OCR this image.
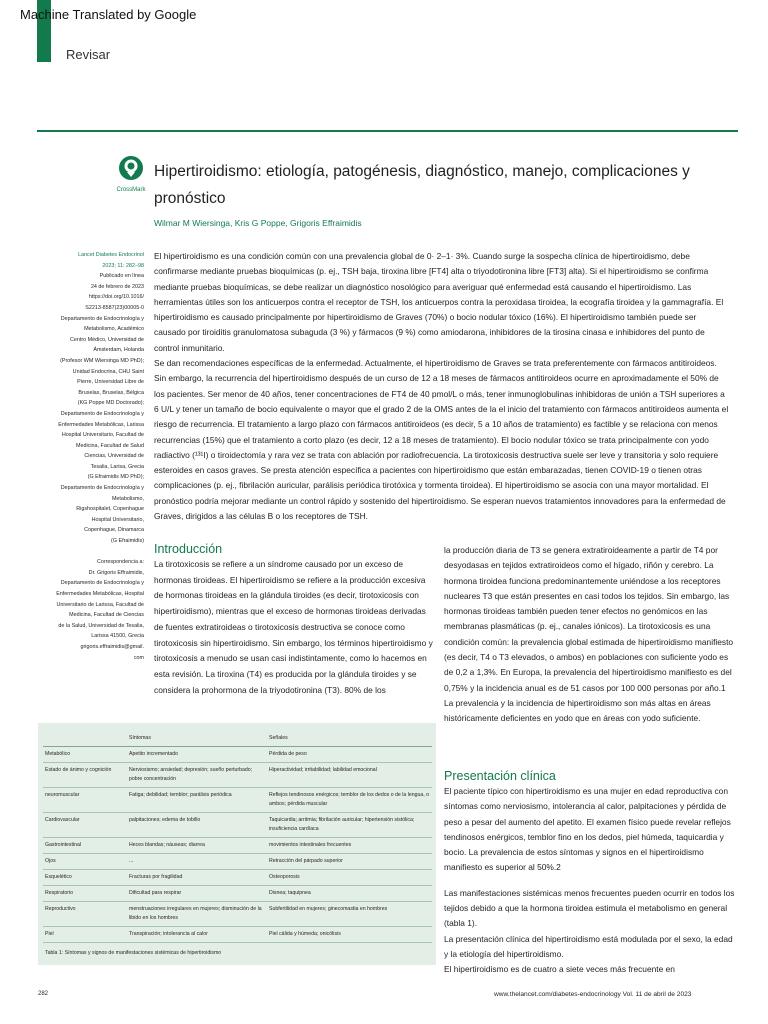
Machine Translated by Google
Revisar
CrossMark
Hipertiroidismo: etiología, patogénesis, diagnóstico, manejo, complicaciones y pronóstico
Wilmar M Wiersinga, Kris G Poppe, Grigoris Effraimidis
Lancet Diabetes Endocrinol
2023; 11: 282–98
Publicado en línea
24 de febrero de 2023
https://doi.org/10.1016/
S2213-8587(23)00005-0
Departamento de Endocrinología y
Metabolismo, Académico
Centro Médico, Universidad de
Ámsterdam, Holanda
(Profesor WM Wiersinga MD PhD);
Unidad Endocrina, CHU Saint
Pierre, Universidad Libre de
Bruselas, Bruselas, Bélgica
(KG Poppe MD Doctorado);
Departamento de Endocrinología y
Enfermedades Metabólicas, Larissa
Hospital Universitario, Facultad de
Medicina, Facultad de Salud
Ciencias, Universidad de
Tesalia, Larisa, Grecia
(G Efraimidis MD PhD);
Departamento de Endocrinología y
Metabolismo,
Rigshospitalet, Copenhague
Hospital Universitario,
Copenhague, Dinamarca
(G Efraimidis)

Correspondencia a:
Dr. Grigoris Effraimidis,
Departamento de Endocrinología y
Enfermedades Metabólicas, Hospital
Universitario de Larissa, Facultad de
Medicina, Facultad de Ciencias
de la Salud, Universidad de Tesalia,
Larissa 41500, Grecia
grigoris.effraimidis@gmail.
com

El hipertiroidismo es una condición común con una prevalencia global de 0· 2–1· 3%. Cuando surge la sospecha clínica de hipertiroidismo, debe confirmarse mediante pruebas bioquímicas (p. ej., TSH baja, tiroxina libre [FT4] alta o triyodotironina libre [FT3] alta). Si el hipertiroidismo se confirma mediante pruebas bioquímicas, se debe realizar un diagnóstico nosológico para averiguar qué enfermedad está causando el hipertiroidismo. Las herramientas útiles son los anticuerpos contra el receptor de TSH, los anticuerpos contra la peroxidasa tiroidea, la ecografía tiroidea y la gammagrafía. El hipertiroidismo es causado principalmente por hipertiroidismo de Graves (70%) o bocio nodular tóxico (16%). El hipertiroidismo también puede ser causado por tiroiditis granulomatosa subaguda (3 %) y fármacos (9 %) como amiodarona, inhibidores de la tirosina cinasa e inhibidores del punto de control inmunitario.

Se dan recomendaciones específicas de la enfermedad. Actualmente, el hipertiroidismo de Graves se trata preferentemente con fármacos antitiroideos. Sin embargo, la recurrencia del hipertiroidismo después de un curso de 12 a 18 meses de fármacos antitiroideos ocurre en aproximadamente el 50% de los pacientes. Ser menor de 40 años, tener concentraciones de FT4 de 40 pmol/L o más, tener inmunoglobulinas inhibidoras de unión a TSH superiores a 6 U/L y tener un tamaño de bocio equivalente o mayor que el grado 2 de la OMS antes de la el inicio del tratamiento con fármacos antitiroideos aumenta el riesgo de recurrencia. El tratamiento a largo plazo con fármacos antitiroideos (es decir, 5 a 10 años de tratamiento) es factible y se relaciona con menos recurrencias (15%) que el tratamiento a corto plazo (es decir, 12 a 18 meses de tratamiento). El bocio nodular tóxico se trata principalmente con yodo radiactivo (¹³¹I) o tiroidectomía y rara vez se trata con ablación por radiofrecuencia. La tirotoxicosis destructiva suele ser leve y transitoria y solo requiere esteroides en casos graves. Se presta atención específica a pacientes con hipertiroidismo que están embarazadas, tienen COVID-19 o tienen otras complicaciones (p. ej., fibrilación auricular, parálisis periódica tirotóxica y tormenta tiroidea). El hipertiroidismo se asocia con una mayor mortalidad. El pronóstico podría mejorar mediante un control rápido y sostenido del hipertiroidismo. Se esperan nuevos tratamientos innovadores para la enfermedad de Graves, dirigidos a las células B o los receptores de TSH.

Introducción
La tirotoxicosis se refiere a un síndrome causado por un exceso de hormonas tiroideas. El hipertiroidismo se refiere a la producción excesiva de hormonas tiroideas en la glándula tiroides (es decir, tirotoxicosis con hipertiroidismo), mientras que el exceso de hormonas tiroideas derivadas de fuentes extratiroideas o tirotoxicosis destructiva se conoce como tirotoxicosis sin hipertiroidismo. Sin embargo, los términos hipertiroidismo y tirotoxicosis a menudo se usan casi indistintamente, como lo hacemos en esta revisión. La tiroxina (T4) es producida por la glándula tiroides y se considera la prohormona de la triyodotironina (T3). 80% de los

la producción diaria de T3 se genera extratiroideamente a partir de T4 por desyodasas en tejidos extratiroideos como el hígado, riñón y cerebro. La hormona tiroidea funciona predominantemente uniéndose a los receptores nucleares T3 que están presentes en casi todos los tejidos. Sin embargo, las hormonas tiroideas también pueden tener efectos no genómicos en las membranas plasmáticas (p. ej., canales iónicos). La tirotoxicosis es una condición común: la prevalencia global estimada de hipertiroidismo manifiesto (es decir, T4 o T3 elevados, o ambos) en poblaciones con suficiente yodo es de 0,2 a 1,3%. En Europa, la prevalencia del hipertiroidismo manifiesto es del 0,75% y la incidencia anual es de 51 casos por 100 000 personas por año.1

La prevalencia y la incidencia de hipertiroidismo son más altas en áreas históricamente deficientes en yodo que en áreas con yodo suficiente.

Presentación clínica

El paciente típico con hipertiroidismo es una mujer en edad reproductiva con síntomas como nerviosismo, intolerancia al calor, palpitaciones y pérdida de peso a pesar del aumento del apetito. El examen físico puede revelar reflejos tendinosos enérgicos, temblor fino en los dedos, piel húmeda, taquicardia y bocio. La prevalencia de estos síntomas y signos en el hipertiroidismo manifiesto es superior al 50%.2

Las manifestaciones sistémicas menos frecuentes pueden ocurrir en todos los tejidos debido a que la hormona tiroidea estimula el metabolismo en general (tabla 1).

La presentación clínica del hipertiroidismo está modulada por el sexo, la edad y la etiología del hipertiroidismo.

El hipertiroidismo es de cuatro a siete veces más frecuente en

	Síntomas	Señales
Metabólico	Apetito incrementado	Pérdida de peso
Estado de ánimo y cognición	Nerviosismo; ansiedad; depresión; sueño perturbado; pobre concentración	Hiperactividad; irritabilidad; labilidad emocional
neuromuscular	Fatiga; debilidad; temblor; parálisis periódica	Reflejos tendinosos enérgicos; temblor de los dedos o de la lengua, o ambos; pérdida muscular
Cardiovascular	palpitaciones; edema de tobillo	Taquicardia; arritmia; fibrilación auricular; hipertensión sistólica; insuficiencia cardíaca
Gastrointestinal	Heces blandas; náuseas; diarrea	movimientos intestinales frecuentes
Ojos	...	Retracción del párpado superior
Esquelético	Fracturas por fragilidad	Osteoporosis
Respiratorio	Dificultad para respirar	Disnea; taquipnea
Reproductivo	menstruaciones irregulares en mujeres; disminución de la libido en los hombres	Subfertilidad en mujeres; ginecomastia en hombres
Piel	Transpiración; intolerancia al calor	Piel cálida y húmeda; onicólisis
Tabla 1: Síntomas y signos de manifestaciones sistémicas de hipertiroidismo
282	www.thelancet.com/diabetes-endocrinology Vol. 11 de abril de 2023
